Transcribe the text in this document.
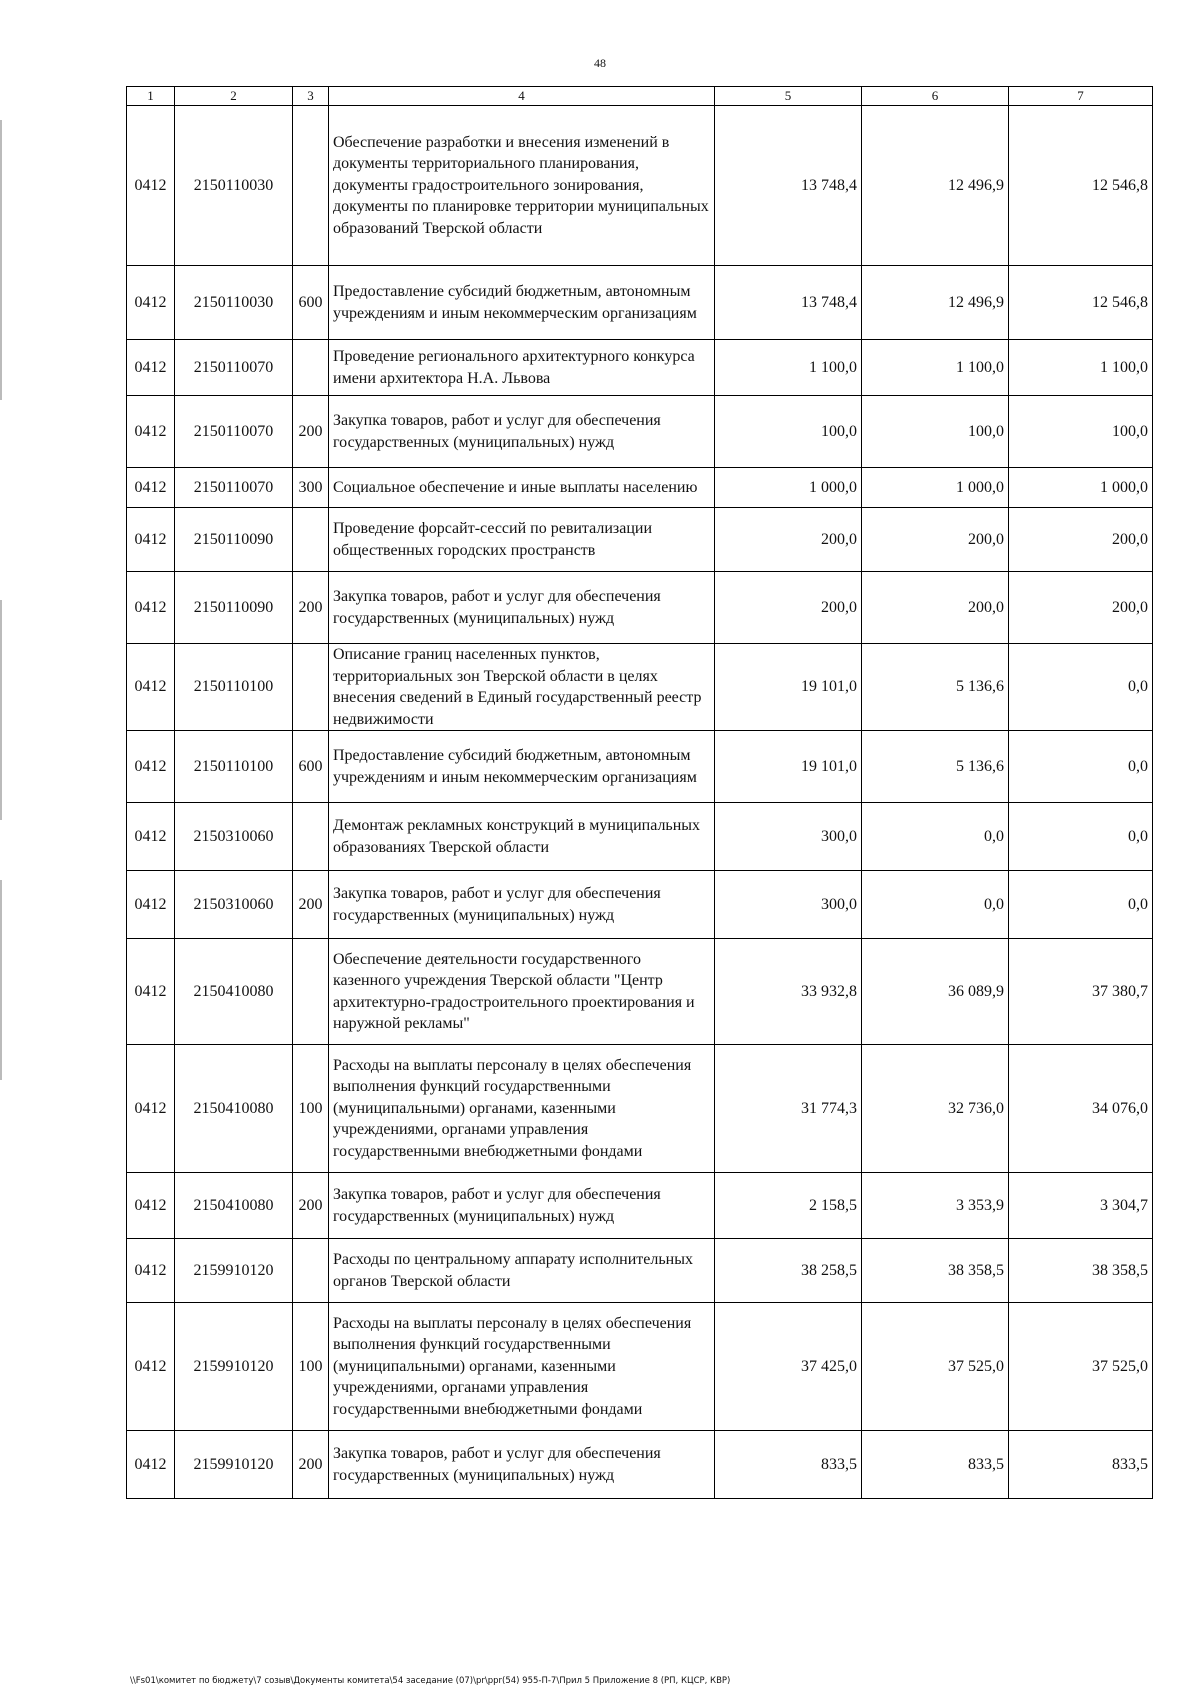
48
1	2	3	4	5	6	7
0412	2150110030		Обеспечение разработки и внесения изменений в документы территориального планирования, документы градостроительного зонирования, документы по планировке территории муниципальных образований Тверской области	13 748,4	12 496,9	12 546,8
0412	2150110030	600	Предоставление субсидий бюджетным, автономным учреждениям и иным некоммерческим организациям	13 748,4	12 496,9	12 546,8
0412	2150110070		Проведение регионального архитектурного конкурса имени архитектора Н.А. Львова	1 100,0	1 100,0	1 100,0
0412	2150110070	200	Закупка товаров, работ и услуг для обеспечения государственных (муниципальных) нужд	100,0	100,0	100,0
0412	2150110070	300	Социальное обеспечение и иные выплаты населению	1 000,0	1 000,0	1 000,0
0412	2150110090		Проведение форсайт-сессий по ревитализации общественных городских пространств	200,0	200,0	200,0
0412	2150110090	200	Закупка товаров, работ и услуг для обеспечения государственных (муниципальных) нужд	200,0	200,0	200,0
0412	2150110100		Описание границ населенных пунктов, территориальных зон Тверской области в целях внесения сведений в Единый государственный реестр недвижимости	19 101,0	5 136,6	0,0
0412	2150110100	600	Предоставление субсидий бюджетным, автономным учреждениям и иным некоммерческим организациям	19 101,0	5 136,6	0,0
0412	2150310060		Демонтаж рекламных конструкций в муниципальных образованиях Тверской области	300,0	0,0	0,0
0412	2150310060	200	Закупка товаров, работ и услуг для обеспечения государственных (муниципальных) нужд	300,0	0,0	0,0
0412	2150410080		Обеспечение деятельности государственного казенного учреждения Тверской области "Центр архитектурно-градостроительного проектирования и наружной рекламы"	33 932,8	36 089,9	37 380,7
0412	2150410080	100	Расходы на выплаты персоналу в целях обеспечения выполнения функций государственными (муниципальными) органами, казенными учреждениями, органами управления государственными внебюджетными фондами	31 774,3	32 736,0	34 076,0
0412	2150410080	200	Закупка товаров, работ и услуг для обеспечения государственных (муниципальных) нужд	2 158,5	3 353,9	3 304,7
0412	2159910120		Расходы по центральному аппарату исполнительных органов Тверской области	38 258,5	38 358,5	38 358,5
0412	2159910120	100	Расходы на выплаты персоналу в целях обеспечения выполнения функций государственными (муниципальными) органами, казенными учреждениями, органами управления государственными внебюджетными фондами	37 425,0	37 525,0	37 525,0
0412	2159910120	200	Закупка товаров, работ и услуг для обеспечения государственных (муниципальных) нужд	833,5	833,5	833,5
\\Fs01\комитет по бюджету\7 созыв\Документы комитета\54 заседание (07)\pr\ppr(54) 955-П-7\Прил 5 Приложение 8 (РП, КЦСР, КВР)
